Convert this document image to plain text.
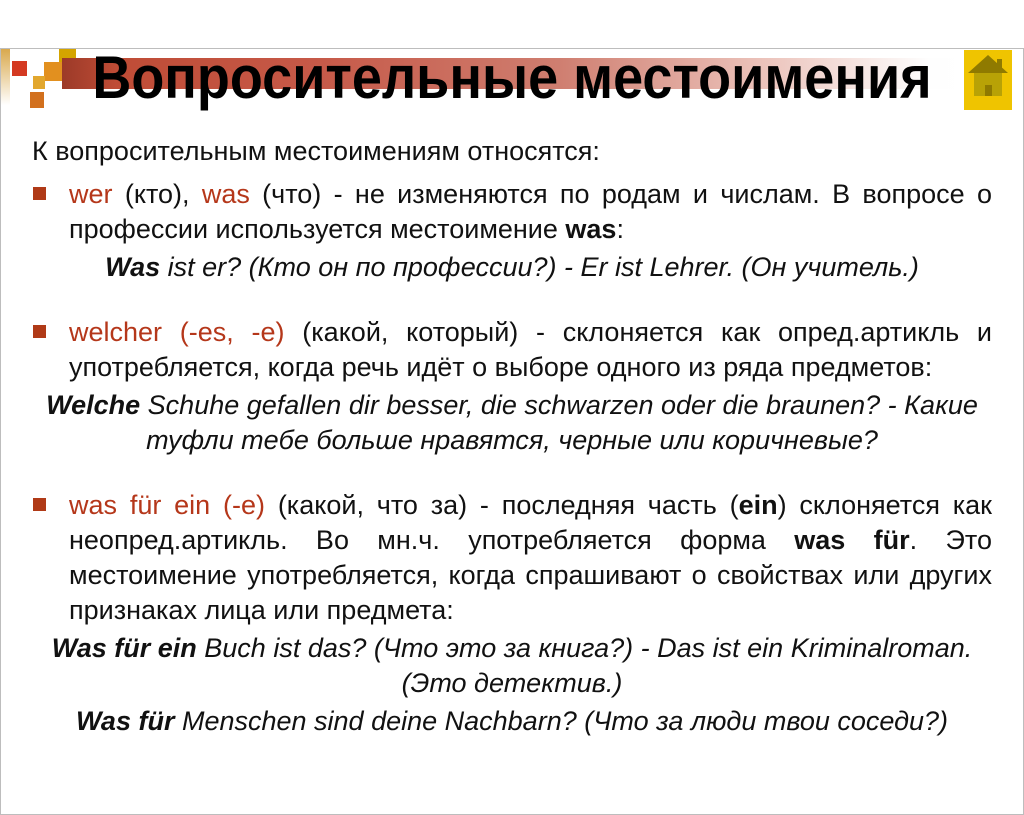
Вопросительные местоимения
К вопросительным местоимениям относятся:
wer (кто), was (что) - не изменяются по родам и числам. В вопросе о профессии используется местоимение was:
Was ist er? (Кто он по профессии?) - Er ist Lehrer. (Он учитель.)
welcher (-es, -e) (какой, который) - склоняется как опред.артикль и употребляется, когда речь идёт о выборе одного из ряда предметов:
Welche Schuhe gefallen dir besser, die schwarzen oder die braunen? - Какие туфли тебе больше нравятся, черные или коричневые?
was für ein (-e) (какой, что за) - последняя часть (ein) склоняется как неопред.артикль. Во мн.ч. употребляется форма was für. Это местоимение употребляется, когда спрашивают о свойствах или других признаках лица или предмета:
Was für ein Buch ist das? (Что это за книга?) - Das ist ein Kriminalroman. (Это детектив.)
Was für Menschen sind deine Nachbarn? (Что за люди твои соседи?)
